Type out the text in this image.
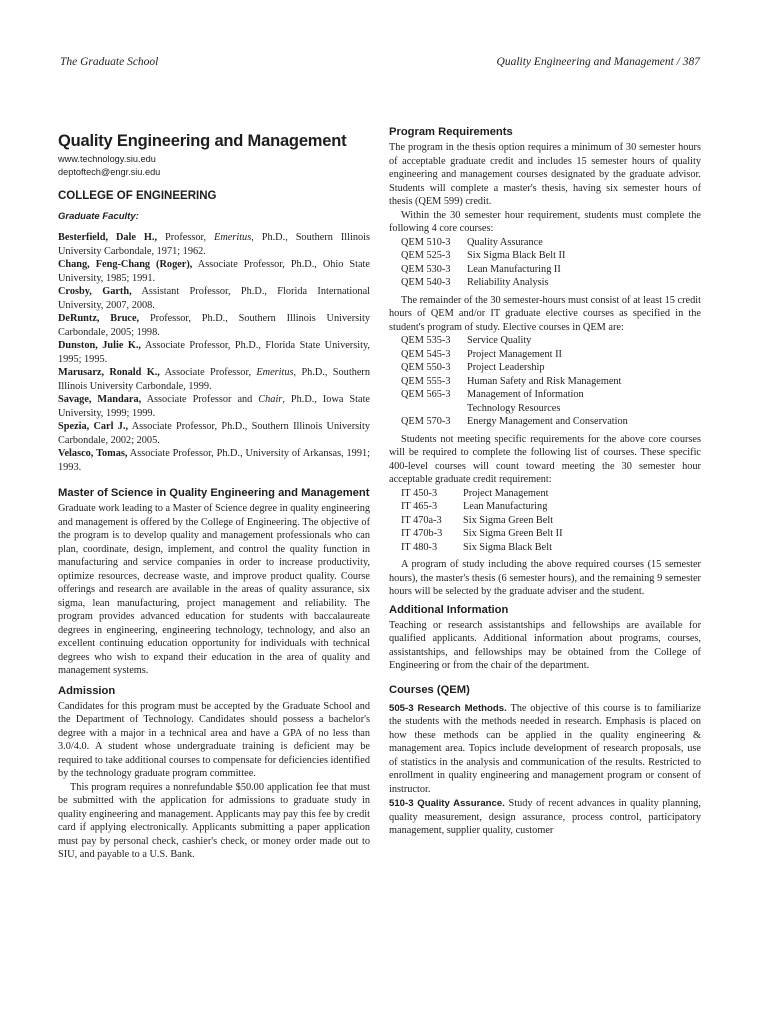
The Graduate School	Quality Engineering and Management / 387
Quality Engineering and Management
www.technology.siu.edu
deptoftech@engr.siu.edu
COLLEGE OF ENGINEERING
Graduate Faculty:

Besterfield, Dale H., Professor, Emeritus, Ph.D., Southern Illinois University Carbondale, 1971; 1962.

Chang, Feng-Chang (Roger), Associate Professor, Ph.D., Ohio State University, 1985; 1991.

Crosby, Garth, Assistant Professor, Ph.D., Florida International University, 2007, 2008.

DeRuntz, Bruce, Professor, Ph.D., Southern Illinois University Carbondale, 2005; 1998.

Dunston, Julie K., Associate Professor, Ph.D., Florida State University, 1995; 1995.

Marusarz, Ronald K., Associate Professor, Emeritus, Ph.D., Southern Illinois University Carbondale, 1999.

Savage, Mandara, Associate Professor and Chair, Ph.D., Iowa State University, 1999; 1999.

Spezia, Carl J., Associate Professor, Ph.D., Southern Illinois University Carbondale, 2002; 2005.

Velasco, Tomas, Associate Professor, Ph.D., University of Arkansas, 1991; 1993.

Master of Science in Quality Engineering and Management

Graduate work leading to a Master of Science degree in quality engineering and management is offered by the College of Engineering. The objective of the program is to develop quality and management professionals who can plan, coordinate, design, implement, and control the quality function in manufacturing and service companies in order to increase productivity, optimize resources, decrease waste, and improve product quality. Course offerings and research are available in the areas of quality assurance, six sigma, lean manufacturing, project management and reliability. The program provides advanced education for students with baccalaureate degrees in engineering, engineering technology, technology, and also an excellent continuing education opportunity for individuals with technical degrees who wish to expand their education in the area of quality and management systems.

Admission

Candidates for this program must be accepted by the Graduate School and the Department of Technology. Candidates should possess a bachelor's degree with a major in a technical area and have a GPA of no less than 3.0/4.0. A student whose undergraduate training is deficient may be required to take additional courses to compensate for deficiencies identified by the technology graduate program committee.

This program requires a nonrefundable $50.00 application fee that must be submitted with the application for admissions to graduate study in quality engineering and management. Applicants may pay this fee by credit card if applying electronically. Applicants submitting a paper application must pay by personal check, cashier's check, or money order made out to SIU, and payable to a U.S. Bank.

Program Requirements

The program in the thesis option requires a minimum of 30 semester hours of acceptable graduate credit and includes 15 semester hours of quality engineering and management courses designated by the graduate advisor. Students will complete a master's thesis, having six semester hours of thesis (QEM 599) credit.

Within the 30 semester hour requirement, students must complete the following 4 core courses:

QEM 510-3	Quality Assurance
QEM 525-3	Six Sigma Black Belt II
QEM 530-3	Lean Manufacturing II
QEM 540-3	Reliability Analysis

The remainder of the 30 semester-hours must consist of at least 15 credit hours of QEM and/or IT graduate elective courses as specified in the student's program of study. Elective courses in QEM are:

QEM 535-3	Service Quality
QEM 545-3	Project Management II
QEM 550-3	Project Leadership
QEM 555-3	Human Safety and Risk Management
QEM 565-3	Management of Information Technology Resources
QEM 570-3	Energy Management and Conservation

Students not meeting specific requirements for the above core courses will be required to complete the following list of courses. These specific 400-level courses will count toward meeting the 30 semester hour acceptable graduate credit requirement:

IT 450-3	Project Management
IT 465-3	Lean Manufacturing
IT 470a-3	Six Sigma Green Belt
IT 470b-3	Six Sigma Green Belt II
IT 480-3	Six Sigma Black Belt

A program of study including the above required courses (15 semester hours), the master's thesis (6 semester hours), and the remaining 9 semester hours will be selected by the graduate adviser and the student.

Additional Information

Teaching or research assistantships and fellowships are available for qualified applicants. Additional information about programs, courses, assistantships, and fellowships may be obtained from the College of Engineering or from the chair of the department.

Courses (QEM)

505-3 Research Methods. The objective of this course is to familiarize the students with the methods needed in research. Emphasis is placed on how these methods can be applied in the quality engineering & management area. Topics include development of research proposals, use of statistics in the analysis and communication of the results. Restricted to enrollment in quality engineering and management program or consent of instructor.

510-3 Quality Assurance. Study of recent advances in quality planning, quality measurement, design assurance, process control, participatory management, supplier quality, customer
